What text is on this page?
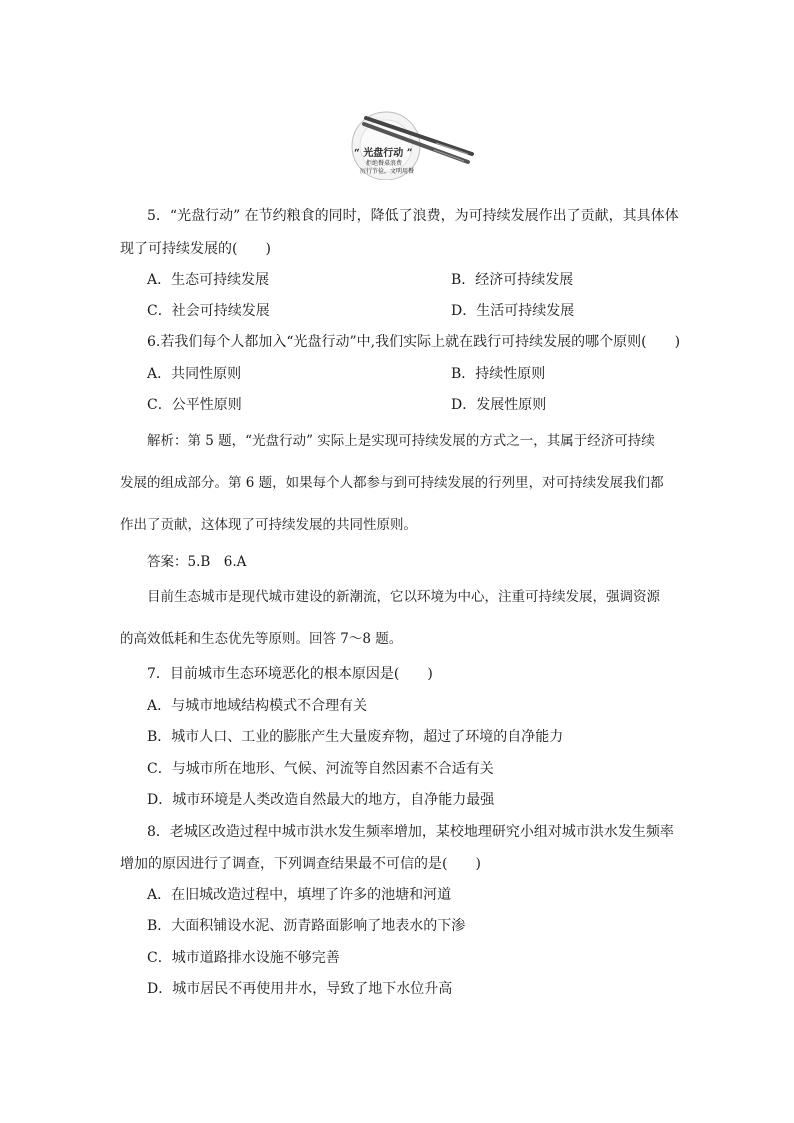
“ 光盘行动 ”
拒绝餐桌浪费
厉行节俭，文明用餐
5．“光盘行动” 在节约粮食的同时，降低了浪费，为可持续发展作出了贡献，其具体体
现了可持续发展的(　　)
A．生态可持续发展	B．经济可持续发展
C．社会可持续发展	D．生活可持续发展
6.若我们每个人都加入“光盘行动”中,我们实际上就在践行可持续发展的哪个原则(　　)
A．共同性原则	B．持续性原则
C．公平性原则	D．发展性原则
解析：第 5 题，“光盘行动” 实际上是实现可持续发展的方式之一，其属于经济可持续
发展的组成部分。第 6 题，如果每个人都参与到可持续发展的行列里，对可持续发展我们都
作出了贡献，这体现了可持续发展的共同性原则。
答案：5.B　6.A
目前生态城市是现代城市建设的新潮流，它以环境为中心，注重可持续发展，强调资源
的高效低耗和生态优先等原则。回答 7～8 题。
7．目前城市生态环境恶化的根本原因是(　　)
A．与城市地域结构模式不合理有关
B．城市人口、工业的膨胀产生大量废弃物，超过了环境的自净能力
C．与城市所在地形、气候、河流等自然因素不合适有关
D．城市环境是人类改造自然最大的地方，自净能力最强
8．老城区改造过程中城市洪水发生频率增加，某校地理研究小组对城市洪水发生频率
增加的原因进行了调查，下列调查结果最不可信的是(　　)
A．在旧城改造过程中，填埋了许多的池塘和河道
B．大面积铺设水泥、沥青路面影响了地表水的下渗
C．城市道路排水设施不够完善
D．城市居民不再使用井水，导致了地下水位升高
